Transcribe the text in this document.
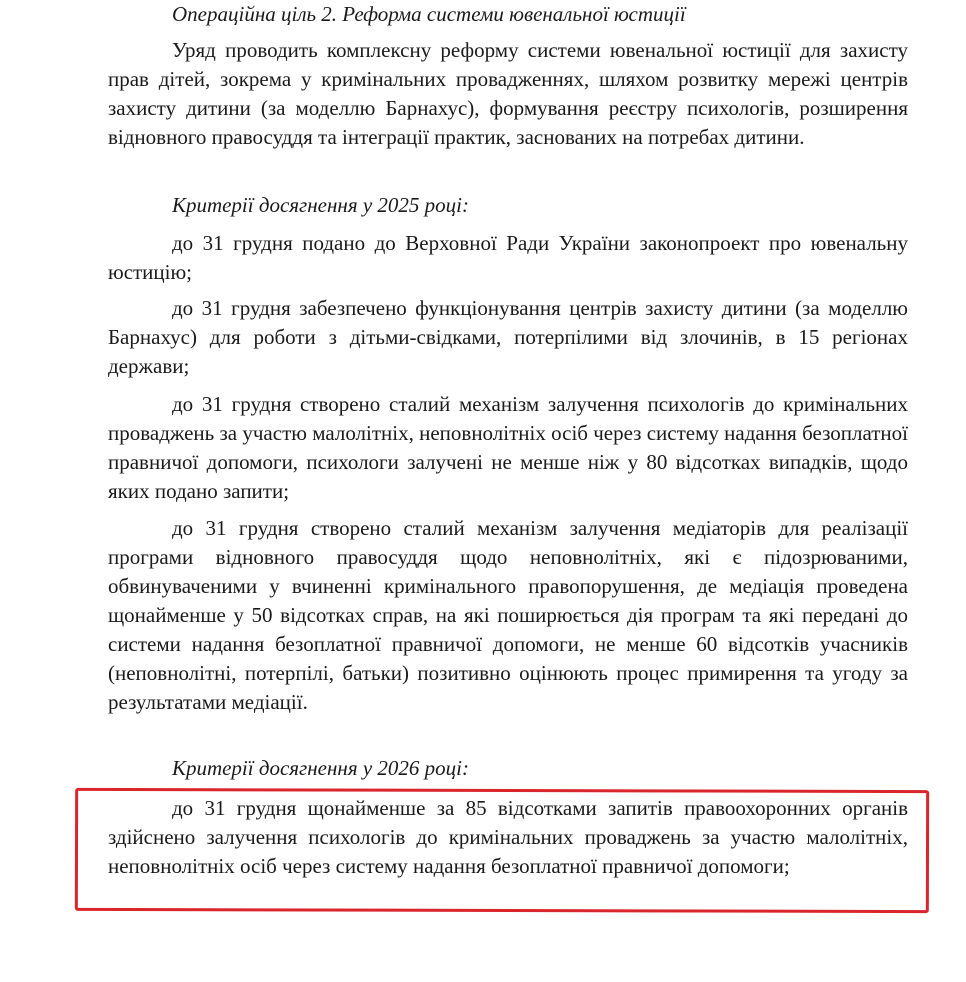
Операційна ціль 2. Реформа системи ювенальної юстиції

Уряд проводить комплексну реформу системи ювенальної юстиції для захисту прав дітей, зокрема у кримінальних провадженнях, шляхом розвитку мережі центрів захисту дитини (за моделлю Барнахус), формування реєстру психологів, розширення відновного правосуддя та інтеграції практик, заснованих на потребах дитини.

Критерії досягнення у 2025 році:

до 31 грудня подано до Верховної Ради України законопроект про ювенальну юстицію;

до 31 грудня забезпечено функціонування центрів захисту дитини (за моделлю Барнахус) для роботи з дітьми-свідками, потерпілими від злочинів, в 15 регіонах держави;

до 31 грудня створено сталий механізм залучення психологів до кримінальних проваджень за участю малолітніх, неповнолітніх осіб через систему надання безоплатної правничої допомоги, психологи залучені не менше ніж у 80 відсотках випадків, щодо яких подано запити;

до 31 грудня створено сталий механізм залучення медіаторів для реалізації програми відновного правосуддя щодо неповнолітніх, які є підозрюваними, обвинуваченими у вчиненні кримінального правопорушення, де медіація проведена щонайменше у 50 відсотках справ, на які поширюється дія програм та які передані до системи надання безоплатної правничої допомоги, не менше 60 відсотків учасників (неповнолітні, потерпілі, батьки) позитивно оцінюють процес примирення та угоду за результатами медіації.

Критерії досягнення у 2026 році:

до 31 грудня щонайменше за 85 відсотками запитів правоохоронних органів здійснено залучення психологів до кримінальних проваджень за участю малолітніх, неповнолітніх осіб через систему надання безоплатної правничої допомоги;
